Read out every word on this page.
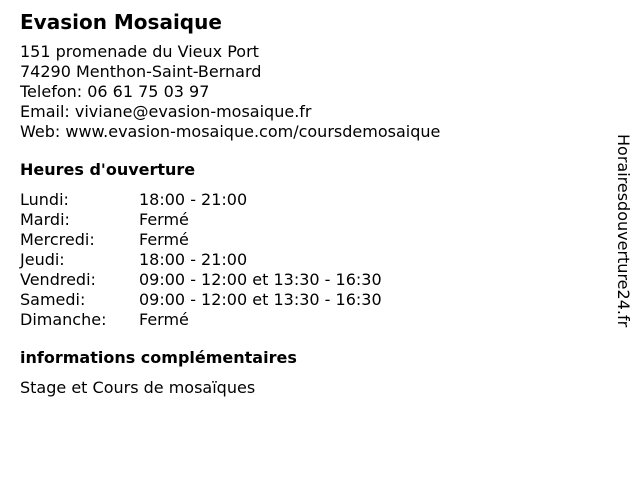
Evasion Mosaique
151 promenade du Vieux Port
74290 Menthon-Saint-Bernard
Telefon: 06 61 75 03 97
Email: viviane@evasion-mosaique.fr
Web: www.evasion-mosaique.com/coursdemosaique
Heures d'ouverture
Lundi:	18:00 - 21:00
Mardi:	Fermé
Mercredi:	Fermé
Jeudi:	18:00 - 21:00
Vendredi:	09:00 - 12:00 et 13:30 - 16:30
Samedi:	09:00 - 12:00 et 13:30 - 16:30
Dimanche:	Fermé
informations complémentaires
Stage et Cours de mosaïques
Horairesdouverture24.fr
